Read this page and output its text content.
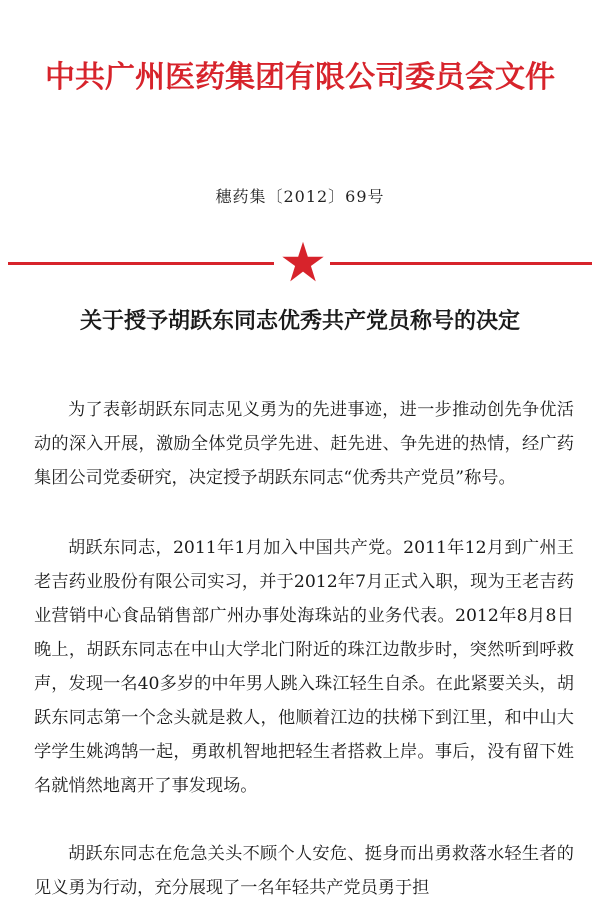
中共广州医药集团有限公司委员会文件
穗药集〔2012〕69号
关于授予胡跃东同志优秀共产党员称号的决定

为了表彰胡跃东同志见义勇为的先进事迹，进一步推动创先争优活动的深入开展，激励全体党员学先进、赶先进、争先进的热情，经广药集团公司党委研究，决定授予胡跃东同志“优秀共产党员”称号。

胡跃东同志，2011年1月加入中国共产党。2011年12月到广州王老吉药业股份有限公司实习，并于2012年7月正式入职，现为王老吉药业营销中心食品销售部广州办事处海珠站的业务代表。2012年8月8日晚上，胡跃东同志在中山大学北门附近的珠江边散步时，突然听到呼救声，发现一名40多岁的中年男人跳入珠江轻生自杀。在此紧要关头，胡跃东同志第一个念头就是救人，他顺着江边的扶梯下到江里，和中山大学学生姚鸿鹄一起，勇敢机智地把轻生者搭救上岸。事后，没有留下姓名就悄然地离开了事发现场。

胡跃东同志在危急关头不顾个人安危、挺身而出勇救落水轻生者的见义勇为行动，充分展现了一名年轻共产党员勇于担
